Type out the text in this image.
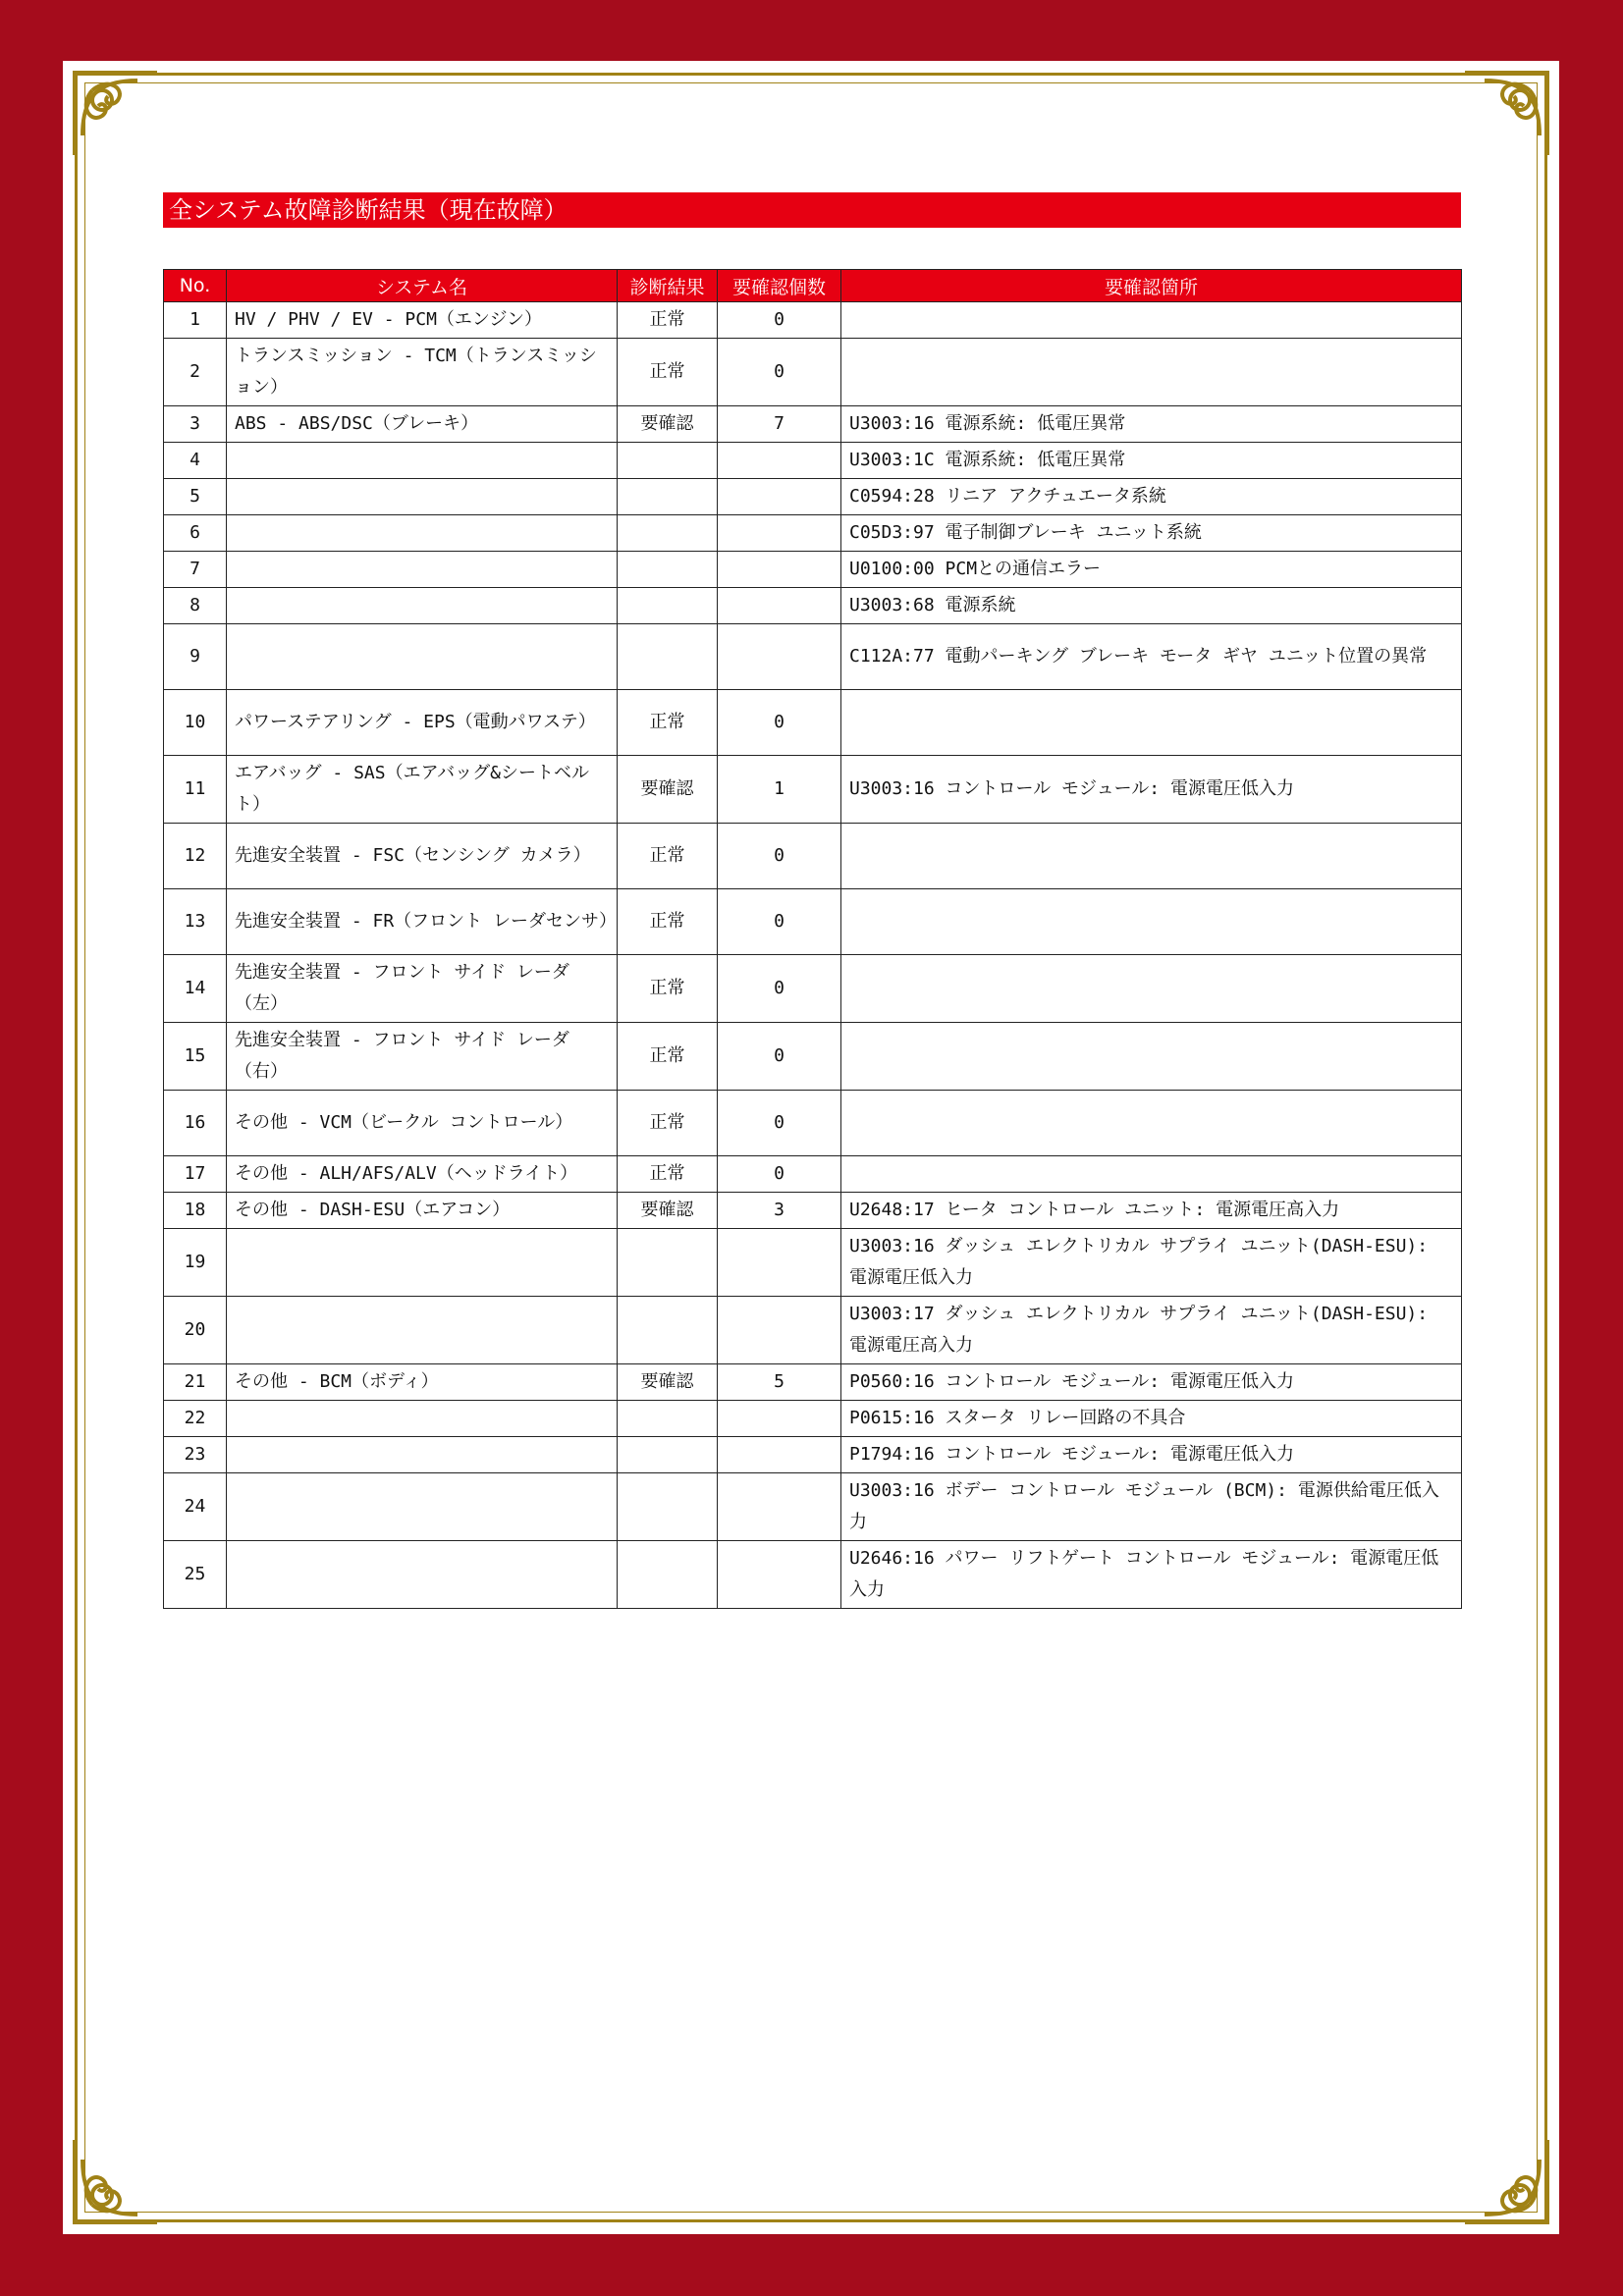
全システム故障診断結果（現在故障）
No.	システム名	診断結果	要確認個数	要確認箇所
1	HV / PHV / EV - PCM（エンジン）	正常	0	
2	トランスミッション - TCM（トランスミッション）	正常	0	
3	ABS - ABS/DSC（ブレーキ）	要確認	7	U3003:16 電源系統: 低電圧異常
4				U3003:1C 電源系統: 低電圧異常
5				C0594:28 リニア アクチュエータ系統
6				C05D3:97 電子制御ブレーキ ユニット系統
7				U0100:00 PCMとの通信エラー
8				U3003:68 電源系統
9				C112A:77 電動パーキング ブレーキ モータ ギヤ ユニット位置の異常
10	パワーステアリング - EPS（電動パワステ）	正常	0	
11	エアバッグ - SAS（エアバッグ&シートベルト）	要確認	1	U3003:16 コントロール モジュール: 電源電圧低入力
12	先進安全装置 - FSC（センシング カメラ）	正常	0	
13	先進安全装置 - FR（フロント レーダセンサ）	正常	0	
14	先進安全装置 - フロント サイド レーダ（左）	正常	0	
15	先進安全装置 - フロント サイド レーダ（右）	正常	0	
16	その他 - VCM（ビークル コントロール）	正常	0	
17	その他 - ALH/AFS/ALV（ヘッドライト）	正常	0	
18	その他 - DASH-ESU（エアコン）	要確認	3	U2648:17 ヒータ コントロール ユニット: 電源電圧高入力
19				U3003:16 ダッシュ エレクトリカル サプライ ユニット(DASH-ESU): 電源電圧低入力
20				U3003:17 ダッシュ エレクトリカル サプライ ユニット(DASH-ESU): 電源電圧高入力
21	その他 - BCM（ボディ）	要確認	5	P0560:16 コントロール モジュール: 電源電圧低入力
22				P0615:16 スタータ リレー回路の不具合
23				P1794:16 コントロール モジュール: 電源電圧低入力
24				U3003:16 ボデー コントロール モジュール (BCM): 電源供給電圧低入力
25				U2646:16 パワー リフトゲート コントロール モジュール: 電源電圧低入力
